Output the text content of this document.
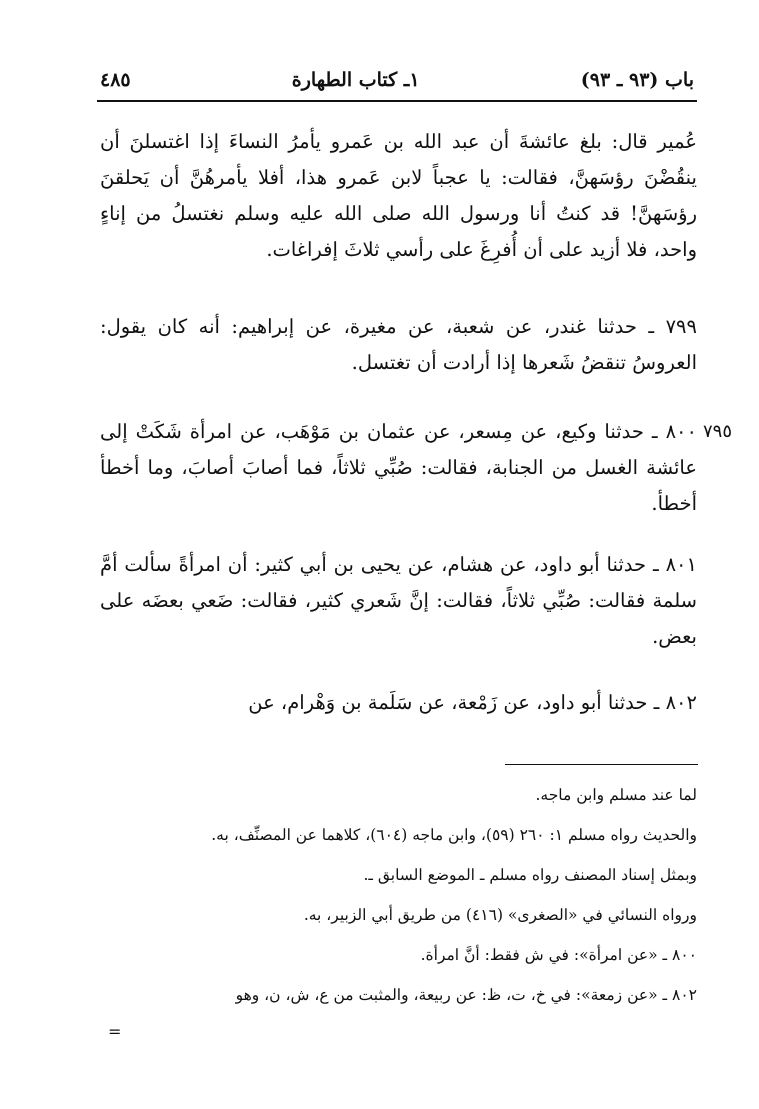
باب (٩٣ ـ ٩٣)
١ـ كتاب الطهارة
٤٨٥
عُمير قال: بلغ عائشةَ أن عبد الله بن عَمرو يأمرُ النساءَ إذا اغتسلنَ أن ينقُضْنَ رؤسَهنَّ، فقالت: يا عجباً لابن عَمرو هذا، أفلا يأمرهُنَّ أن يَحلقنَ رؤسَهنَّ! قد كنتُ أنا ورسول الله صلى الله عليه وسلم نغتسلُ من إناءٍ واحد، فلا أزيد على أن أُفرِغَ على رأسي ثلاثَ إفراغات.
٧٩٩ ـ حدثنا غندر، عن شعبة، عن مغيرة، عن إبراهيم: أنه كان يقول: العروسُ تنقضُ شَعرها إذا أرادت أن تغتسل.
٧٩٥
٨٠٠ ـ حدثنا وكيع، عن مِسعر، عن عثمان بن مَوْهَب، عن امرأة شَكَتْ إلى عائشة الغسل من الجنابة، فقالت: صُبِّي ثلاثاً، فما أصابَ أصابَ، وما أخطأ أخطأ.
٨٠١ ـ حدثنا أبو داود، عن هشام، عن يحيى بن أبي كثير: أن امرأةً سألت أمَّ سلمة فقالت: صُبِّي ثلاثاً، فقالت: إنَّ شَعري كثير، فقالت: ضَعي بعضَه على بعض.
٨٠٢ ـ حدثنا أبو داود، عن زَمْعة، عن سَلَمة بن وَهْرام، عن
لما عند مسلم وابن ماجه.
والحديث رواه مسلم ١: ٢٦٠ (٥٩)، وابن ماجه (٦٠٤)، كلاهما عن المصنِّف، به.
وبمثل إسناد المصنف رواه مسلم ـ الموضع السابق ـ.
ورواه النسائي في «الصغرى» (٤١٦) من طريق أبي الزبير، به.
٨٠٠ ـ «عن امرأة»: في ش فقط: أنَّ امرأة.
٨٠٢ ـ «عن زمعة»: في خ، ت، ظ: عن ربيعة، والمثبت من ع، ش، ن، وهو
=
